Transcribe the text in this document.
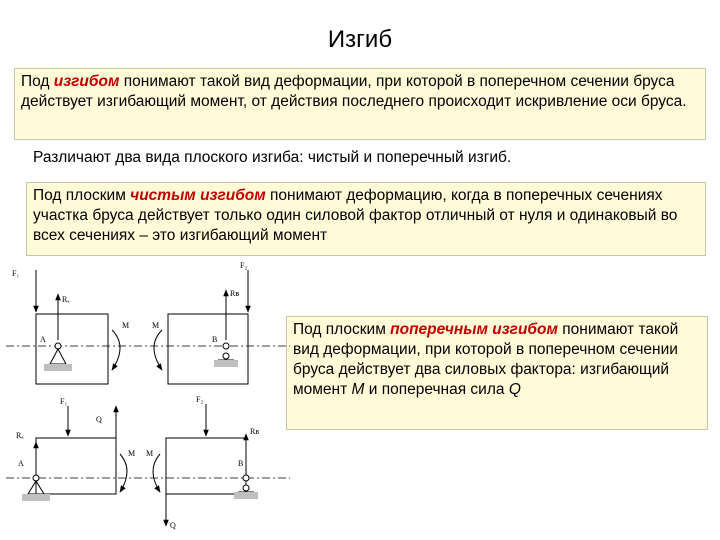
Изгиб
Под изгибом понимают такой вид деформации, при которой в поперечном сечении бруса действует изгибающий момент, от действия последнего происходит искривление оси бруса.
Различают два вида плоского изгиба: чистый и поперечный изгиб.
Под плоским чистым изгибом понимают деформацию, когда в поперечных сечениях участка бруса действует только один силовой фактор отличный от нуля и одинаковый во всех сечениях – это изгибающий момент
Под плоским поперечным изгибом понимают такой вид деформации, при которой в поперечном сечении бруса действует два силовых фактора: изгибающий момент M и поперечная сила Q
F₁
Rₐ
F₂
Rв
A	B
M	M
F₁	F₂
Rₐ	Rв
Q
Q
A	B
M M
